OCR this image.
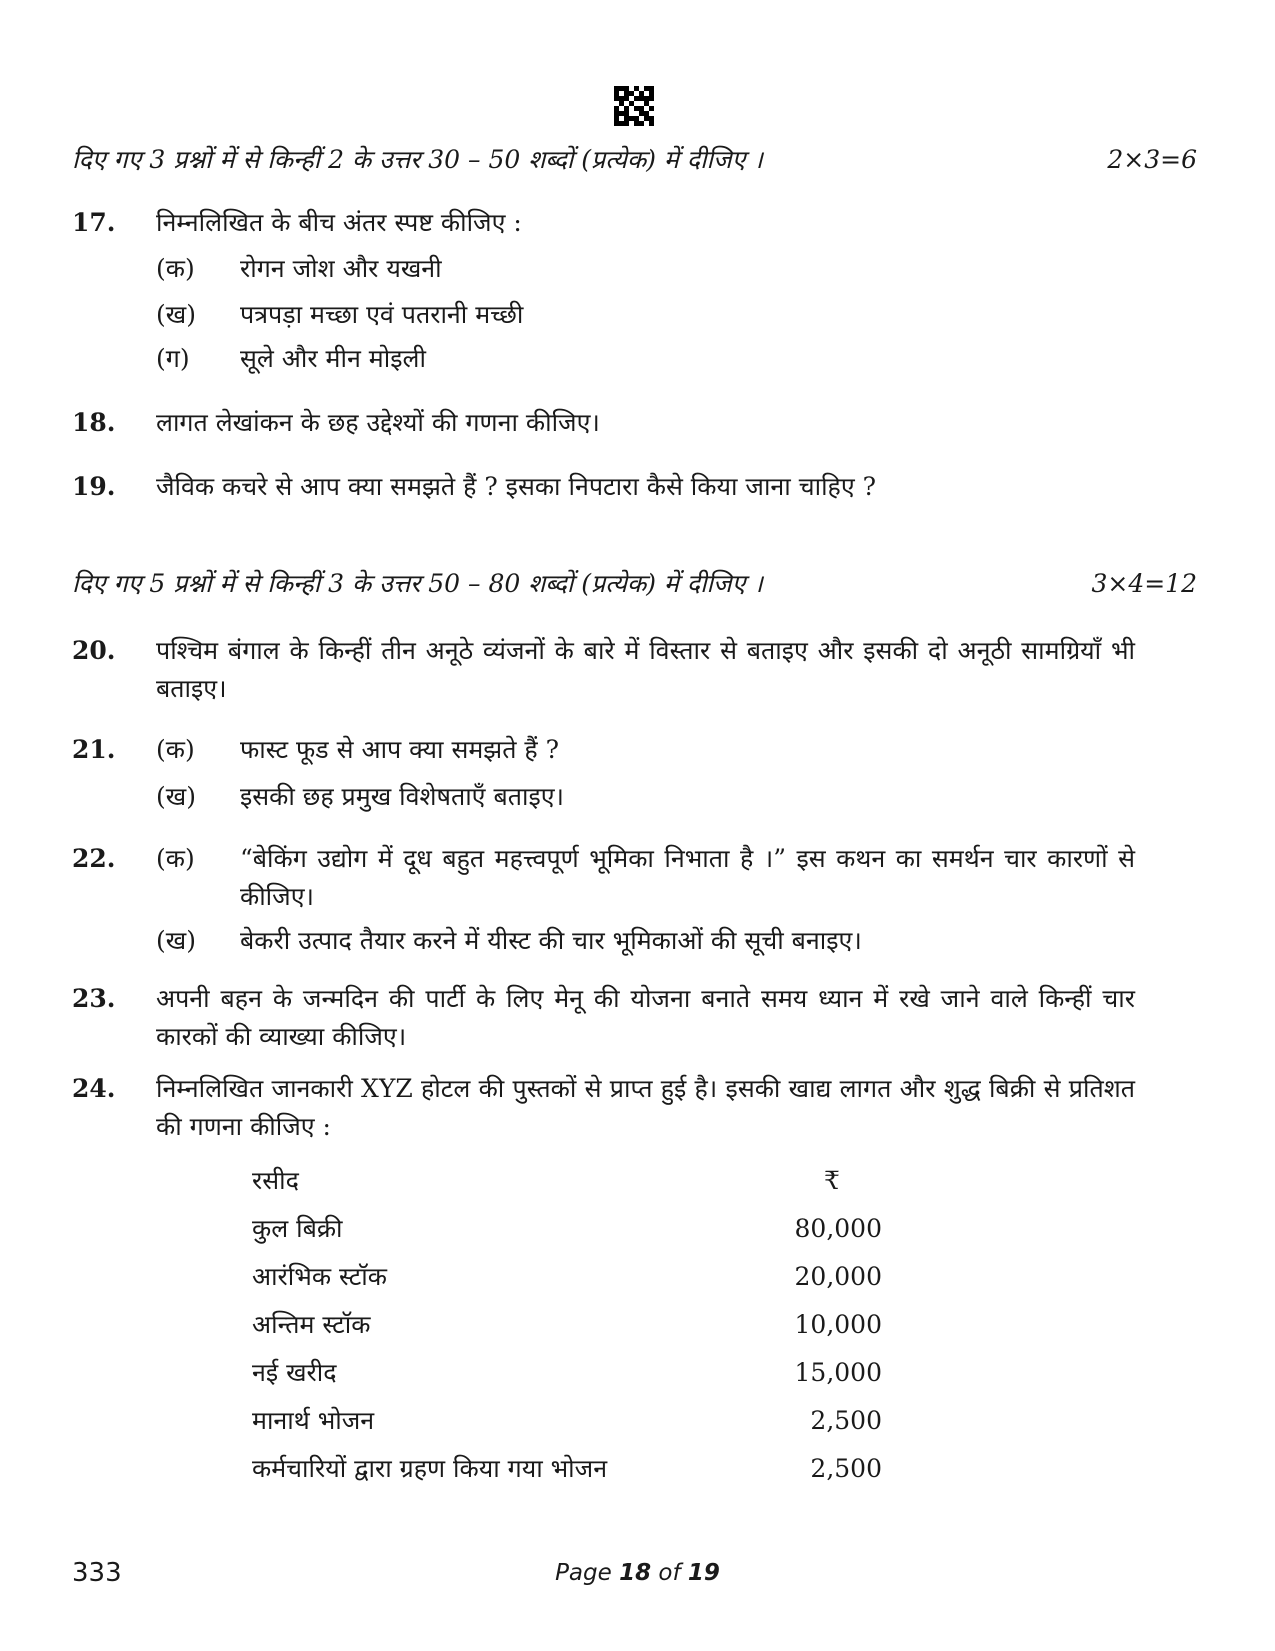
दिए गए 3 प्रश्नों में से किन्हीं 2 के उत्तर 30 – 50 शब्दों (प्रत्येक) में दीजिए ।	2×3=6
17.	निम्नलिखित के बीच अंतर स्पष्ट कीजिए :
(क)	रोगन जोश और यखनी
(ख)	पत्रपड़ा मच्छा एवं पतरानी मच्छी
(ग)	सूले और मीन मोइली
18.	लागत लेखांकन के छह उद्देश्यों की गणना कीजिए।
19.	जैविक कचरे से आप क्या समझते हैं ? इसका निपटारा कैसे किया जाना चाहिए ?
दिए गए 5 प्रश्नों में से किन्हीं 3 के उत्तर 50 – 80 शब्दों (प्रत्येक) में दीजिए ।	3×4=12
20.	पश्चिम बंगाल के किन्हीं तीन अनूठे व्यंजनों के बारे में विस्तार से बताइए और इसकी दो अनूठी सामग्रियाँ भी बताइए।
21.	(क)	फास्ट फूड से आप क्या समझते हैं ?
(ख)	इसकी छह प्रमुख विशेषताएँ बताइए।
22.	(क)	“बेकिंग उद्योग में दूध बहुत महत्त्वपूर्ण भूमिका निभाता है ।” इस कथन का समर्थन चार कारणों से कीजिए।
(ख)	बेकरी उत्पाद तैयार करने में यीस्ट की चार भूमिकाओं की सूची बनाइए।
23.	अपनी बहन के जन्मदिन की पार्टी के लिए मेनू की योजना बनाते समय ध्यान में रखे जाने वाले किन्हीं चार कारकों की व्याख्या कीजिए।
24.	निम्नलिखित जानकारी XYZ होटल की पुस्तकों से प्राप्त हुई है। इसकी खाद्य लागत और शुद्ध बिक्री से प्रतिशत की गणना कीजिए :
रसीद	₹
कुल बिक्री	80,000
आरंभिक स्टॉक	20,000
अन्तिम स्टॉक	10,000
नई खरीद	15,000
मानार्थ भोजन	2,500
कर्मचारियों द्वारा ग्रहण किया गया भोजन	2,500
333	Page 18 of 19
